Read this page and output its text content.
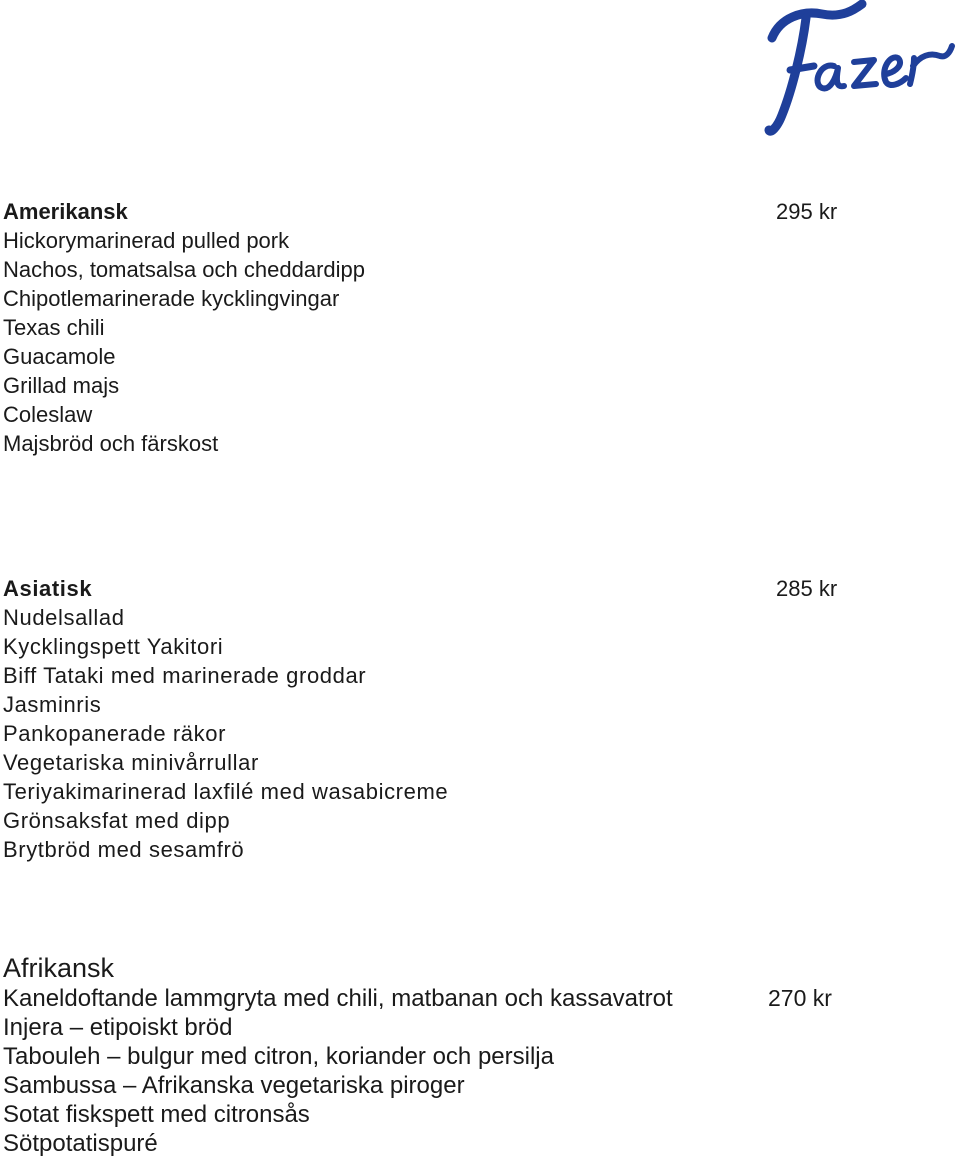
Amerikansk
Hickorymarinerad pulled pork
Nachos, tomatsalsa och cheddardipp
Chipotlemarinerade kycklingvingar
Texas chili
Guacamole
Grillad majs
Coleslaw
Majsbröd och färskost
295 kr
Asiatisk
Nudelsallad
Kycklingspett Yakitori
Biff Tataki med marinerade groddar
Jasminris
Pankopanerade räkor
Vegetariska minivårrullar
Teriyakimarinerad laxfilé med wasabicreme
Grönsaksfat med dipp
Brytbröd med sesamfrö
285 kr
Afrikansk
Kaneldoftande lammgryta med chili, matbanan och kassavatrot
Injera – etipoiskt bröd
Tabouleh – bulgur med citron, koriander och persilja
Sambussa – Afrikanska vegetariska piroger
Sotat fiskspett med citronsås
Sötpotatispuré
270 kr
